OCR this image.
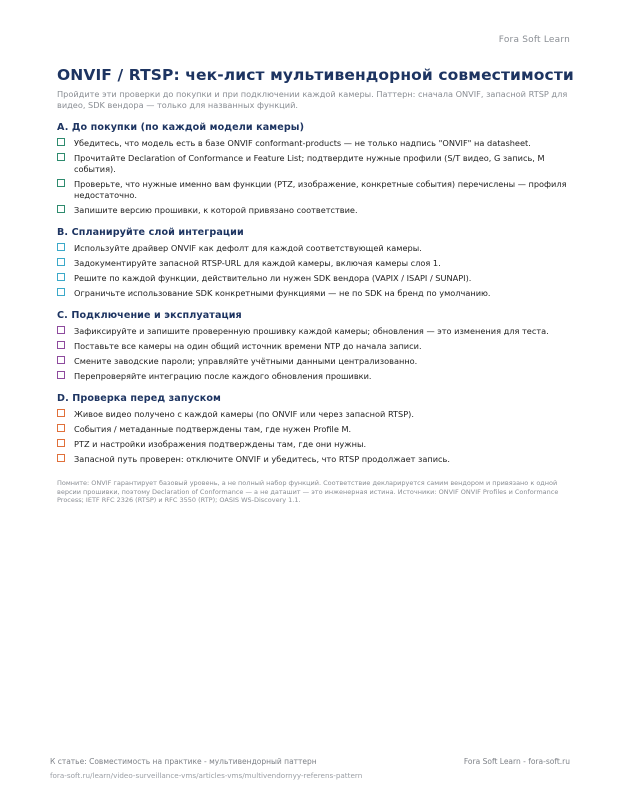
Fora Soft Learn
ONVIF / RTSP: чек-лист мультивендорной совместимости
Пройдите эти проверки до покупки и при подключении каждой камеры. Паттерн: сначала ONVIF, запасной RTSP для видео, SDK вендора — только для названных функций.
A. До покупки (по каждой модели камеры)
Убедитесь, что модель есть в базе ONVIF conformant-products — не только надпись "ONVIF" на datasheet.
Прочитайте Declaration of Conformance и Feature List; подтвердите нужные профили (S/T видео, G запись, M события).
Проверьте, что нужные именно вам функции (PTZ, изображение, конкретные события) перечислены — профиля недостаточно.
Запишите версию прошивки, к которой привязано соответствие.
B. Спланируйте слой интеграции
Используйте драйвер ONVIF как дефолт для каждой соответствующей камеры.
Задокументируйте запасной RTSP-URL для каждой камеры, включая камеры слоя 1.
Решите по каждой функции, действительно ли нужен SDK вендора (VAPIX / ISAPI / SUNAPI).
Ограничьте использование SDK конкретными функциями — не по SDK на бренд по умолчанию.
C. Подключение и эксплуатация
Зафиксируйте и запишите проверенную прошивку каждой камеры; обновления — это изменения для теста.
Поставьте все камеры на один общий источник времени NTP до начала записи.
Смените заводские пароли; управляйте учётными данными централизованно.
Перепроверяйте интеграцию после каждого обновления прошивки.
D. Проверка перед запуском
Живое видео получено с каждой камеры (по ONVIF или через запасной RTSP).
События / метаданные подтверждены там, где нужен Profile M.
PTZ и настройки изображения подтверждены там, где они нужны.
Запасной путь проверен: отключите ONVIF и убедитесь, что RTSP продолжает запись.
Помните: ONVIF гарантирует базовый уровень, а не полный набор функций. Соответствие декларируется самим вендором и привязано к одной версии прошивки, поэтому Declaration of Conformance — а не даташит — это инженерная истина. Источники: ONVIF ONVIF Profiles и Conformance Process; IETF RFC 2326 (RTSP) и RFC 3550 (RTP); OASIS WS-Discovery 1.1.
К статье: Совместимость на практике - мультивендорный паттерн
fora-soft.ru/learn/video-surveillance-vms/articles-vms/multivendornyy-referens-pattern
Fora Soft Learn - fora-soft.ru
